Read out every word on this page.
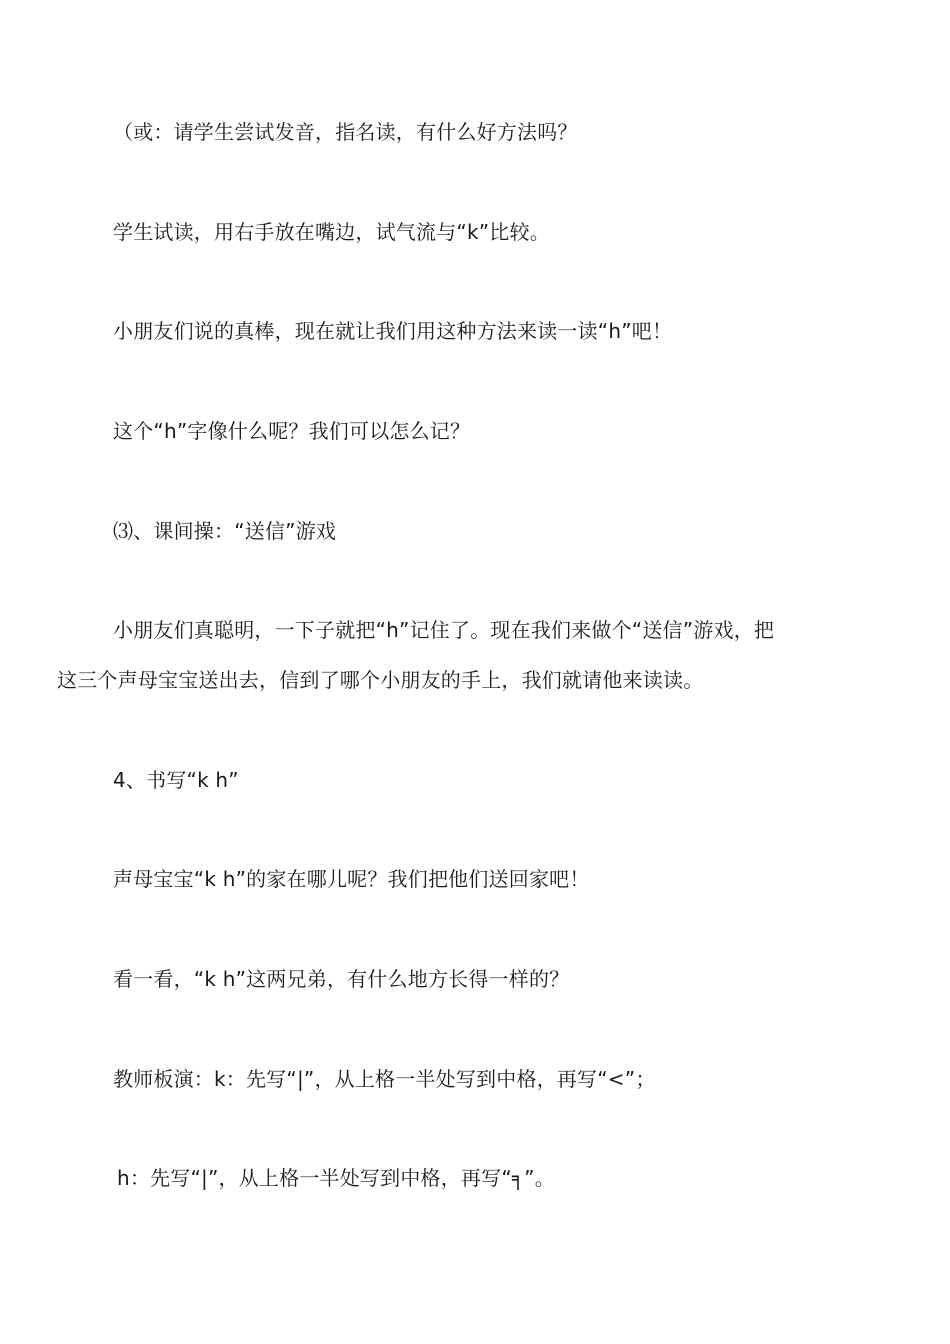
（或：请学生尝试发音，指名读，有什么好方法吗？
学生试读，用右手放在嘴边，试气流与“k”比较。
小朋友们说的真棒，现在就让我们用这种方法来读一读“h”吧！
这个“h”字像什么呢？我们可以怎么记？
⑶、课间操：“送信”游戏
小朋友们真聪明，一下子就把“h”记住了。现在我们来做个“送信”游戏，把
这三个声母宝宝送出去，信到了哪个小朋友的手上，我们就请他来读读。
4、书写“k h”
声母宝宝“k h”的家在哪儿呢？我们把他们送回家吧！
看一看，“k h”这两兄弟，有什么地方长得一样的？
教师板演：k：先写“|”，从上格一半处写到中格，再写“<”；
h：先写“|”，从上格一半处写到中格，再写“╕”。
